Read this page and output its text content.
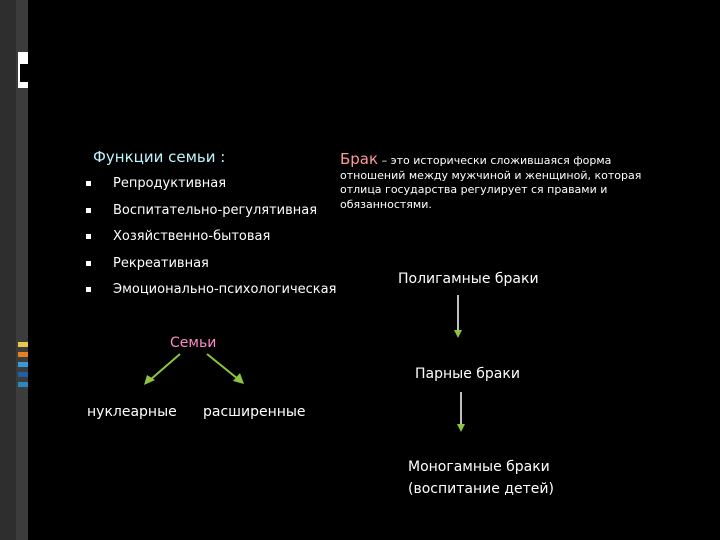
Функции семьи :
Репродуктивная
Воспитательно-регулятивная
Хозяйственно-бытовая
Рекреативная
Эмоционально-психологическая
Брак – это исторически сложившаяся форма отношений между мужчиной и женщиной, которая отлица государства регулирует ся правами и обязанностями.
Полигамные браки
Семьи
Парные браки
нуклеарные расширенные
Моногамные браки (воспитание детей)
